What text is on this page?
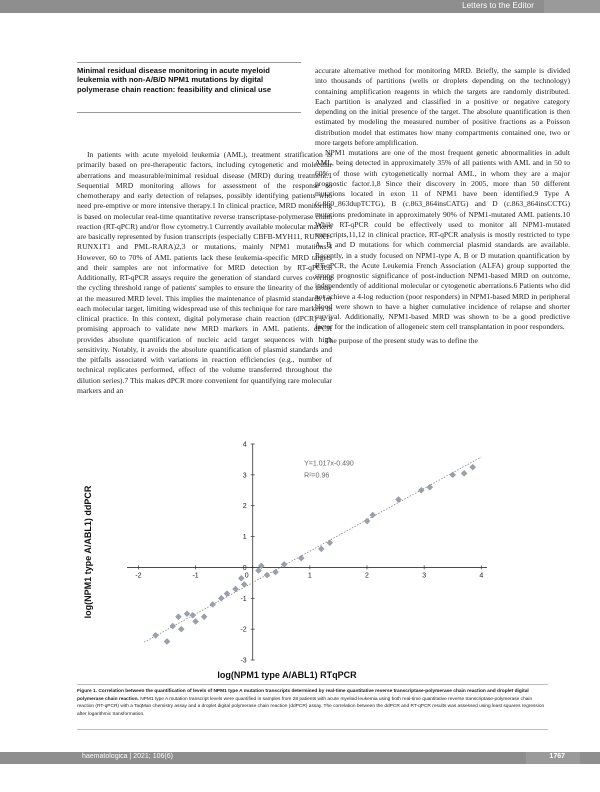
Letters to the Editor
Minimal residual disease monitoring in acute myeloid leukemia with non-A/B/D NPM1 mutations by digital polymerase chain reaction: feasibility and clinical use

In patients with acute myeloid leukemia (AML), treatment stratification is primarily based on pre-therapeutic factors, including cytogenetic and molecular aberrations and measurable/minimal residual disease (MRD) during treatment.1 Sequential MRD monitoring allows for assessment of the response to chemotherapy and early detection of relapses, possibly identifying patients who need pre-emptive or more intensive therapy.1 In clinical practice, MRD monitoring is based on molecular real-time quantitative reverse transcriptase-polymerase chain reaction (RT-qPCR) and/or flow cytometry.1 Currently available molecular markers are basically represented by fusion transcripts (especially CBFB-MYH11, RUNX1-RUNX1T1 and PML-RARA)2,3 or mutations, mainly NPM1 mutations.4 However, 60 to 70% of AML patients lack these leukemia-specific MRD targets and their samples are not informative for MRD detection by RT-qPCR.5 Additionally, RT-qPCR assays require the generation of standard curves covering the cycling threshold range of patients' samples to ensure the linearity of the assay at the measured MRD level. This implies the maintenance of plasmid standards for each molecular target, limiting widespread use of this technique for rare markers in clinical practice. In this context, digital polymerase chain reaction (dPCR) is a promising approach to validate new MRD markers in AML patients. dPCR provides absolute quantification of nucleic acid target sequences with high sensitivity. Notably, it avoids the absolute quantification of plasmid standards and the pitfalls associated with variations in reaction efficiencies (e.g., number of technical replicates performed, effect of the volume transferred throughout the dilution series).7 This makes dPCR more convenient for quantifying rare molecular markers and an

accurate alternative method for monitoring MRD. Briefly, the sample is divided into thousands of partitions (wells or droplets depending on the technology) containing amplification reagents in which the targets are randomly distributed. Each partition is analyzed and classified in a positive or negative category depending on the initial presence of the target. The absolute quantification is then estimated by modeling the measured number of positive fractions as a Poisson distribution model that estimates how many compartments contained one, two or more targets before amplification.

NPM1 mutations are one of the most frequent genetic abnormalities in adult AML, being detected in approximately 35% of all patients with AML and in 50 to 60% of those with cytogenetically normal AML, in whom they are a major prognostic factor.1,8 Since their discovery in 2005, more than 50 different mutations located in exon 11 of NPM1 have been identified.9 Type A (c.860_863dupTCTG), B (c.863_864insCATG) and D (c.863_864insCCTG) mutations predominate in approximately 90% of NPM1-mutated AML patients.10 While RT-qPCR could be effectively used to monitor all NPM1-mutated transcripts,11,12 in clinical practice, RT-qPCR analysis is mostly restricted to type A, B and D mutations for which commercial plasmid standards are available. Recently, in a study focused on NPM1-type A, B or D mutation quantification by RT-qPCR, the Acute Leukemia French Association (ALFA) group supported the strong prognostic significance of post-induction NPM1-based MRD on outcome, independently of additional molecular or cytogenetic aberrations.6 Patients who did not achieve a 4-log reduction (poor responders) in NPM1-based MRD in peripheral blood were shown to have a higher cumulative incidence of relapse and shorter survival. Additionally, NPM1-based MRD was shown to be a good predictive factor for the indication of allogeneic stem cell transplantation in poor responders.

The purpose of the present study was to define the

-2	-1	0	1	2	3	4
-3
-2
-1
1
2
3
4
0
Y=1.017x-0.490
R²=0.96
log(NPM1 type A/ABL1) RTqPCR
log(NPM1 type A/ABL1) ddPCR
Figure 1. Correlation between the quantification of levels of NPM1 type A mutation transcripts determined by real-time quantitative reverse transcriptase-polymerase chain reaction and droplet digital polymerase chain reaction. NPM1 type A mutation transcript levels were quantified in samples from 28 patients with acute myeloid leukemia using both real-time quantitative reverse transcriptase-polymerase chain reaction (RT-qPCR) with a TaqMan chemistry assay and a droplet digital polymerase chain reaction (ddPCR) assay. The correlation between the ddPCR and RT-qPCR results was assessed using least squares regression after logarithmic transformation.
haematologica | 2021; 106(6)	1767
